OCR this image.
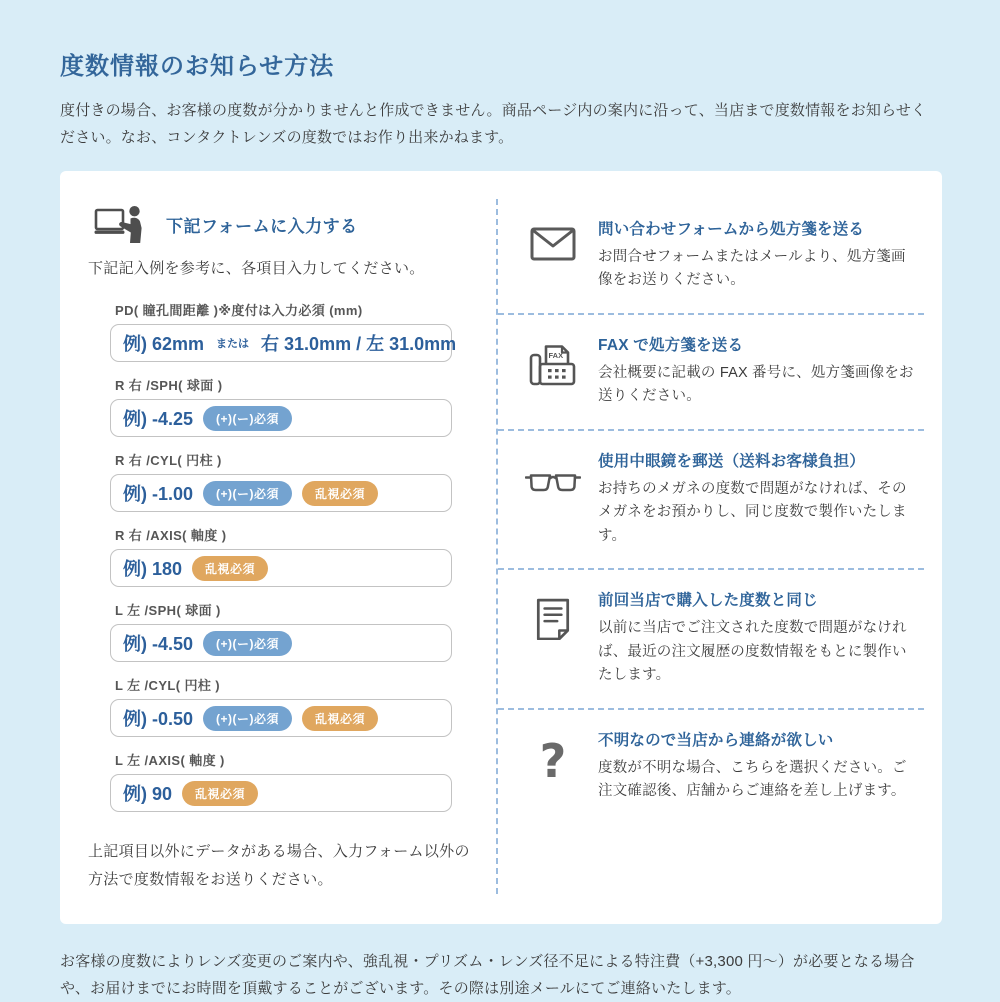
度数情報のお知らせ方法

度付きの場合、お客様の度数が分かりませんと作成できません。商品ページ内の案内に沿って、当店まで度数情報をお知らせください。なお、コンタクトレンズの度数ではお作り出来かねます。

下記フォームに入力する

下記記入例を参考に、各項目入力してください。

PD( 瞳孔間距離 )※度付は入力必須 (mm)
例) 62mm または 右 31.0mm / 左 31.0mm
R 右 /SPH( 球面 )
例) -4.25	(+)(ー)必須
R 右 /CYL( 円柱 )
例) -1.00	(+)(ー)必須	乱視必須
R 右 /AXIS( 軸度 )
例) 180	乱視必須
L 左 /SPH( 球面 )
例) -4.50	(+)(ー)必須
L 左 /CYL( 円柱 )
例) -0.50	(+)(ー)必須	乱視必須
L 左 /AXIS( 軸度 )
例) 90	乱視必須

上記項目以外にデータがある場合、入力フォーム以外の方法で度数情報をお送りください。

問い合わせフォームから処方箋を送る

お問合せフォームまたはメールより、処方箋画像をお送りください。

FAX

FAX で処方箋を送る

会社概要に記載の FAX 番号に、処方箋画像をお送りください。

使用中眼鏡を郵送（送料お客様負担）

お持ちのメガネの度数で問題がなければ、そのメガネをお預かりし、同じ度数で製作いたします。

前回当店で購入した度数と同じ

以前に当店でご注文された度数で問題がなければ、最近の注文履歴の度数情報をもとに製作いたします。

? 不明なので当店から連絡が欲しい

度数が不明な場合、こちらを選択ください。ご注文確認後、店舗からご連絡を差し上げます。

お客様の度数によりレンズ変更のご案内や、強乱視・プリズム・レンズ径不足による特注費（+3,300 円～）が必要となる場合や、お届けまでにお時間を頂戴することがございます。その際は別途メールにてご連絡いたします。
